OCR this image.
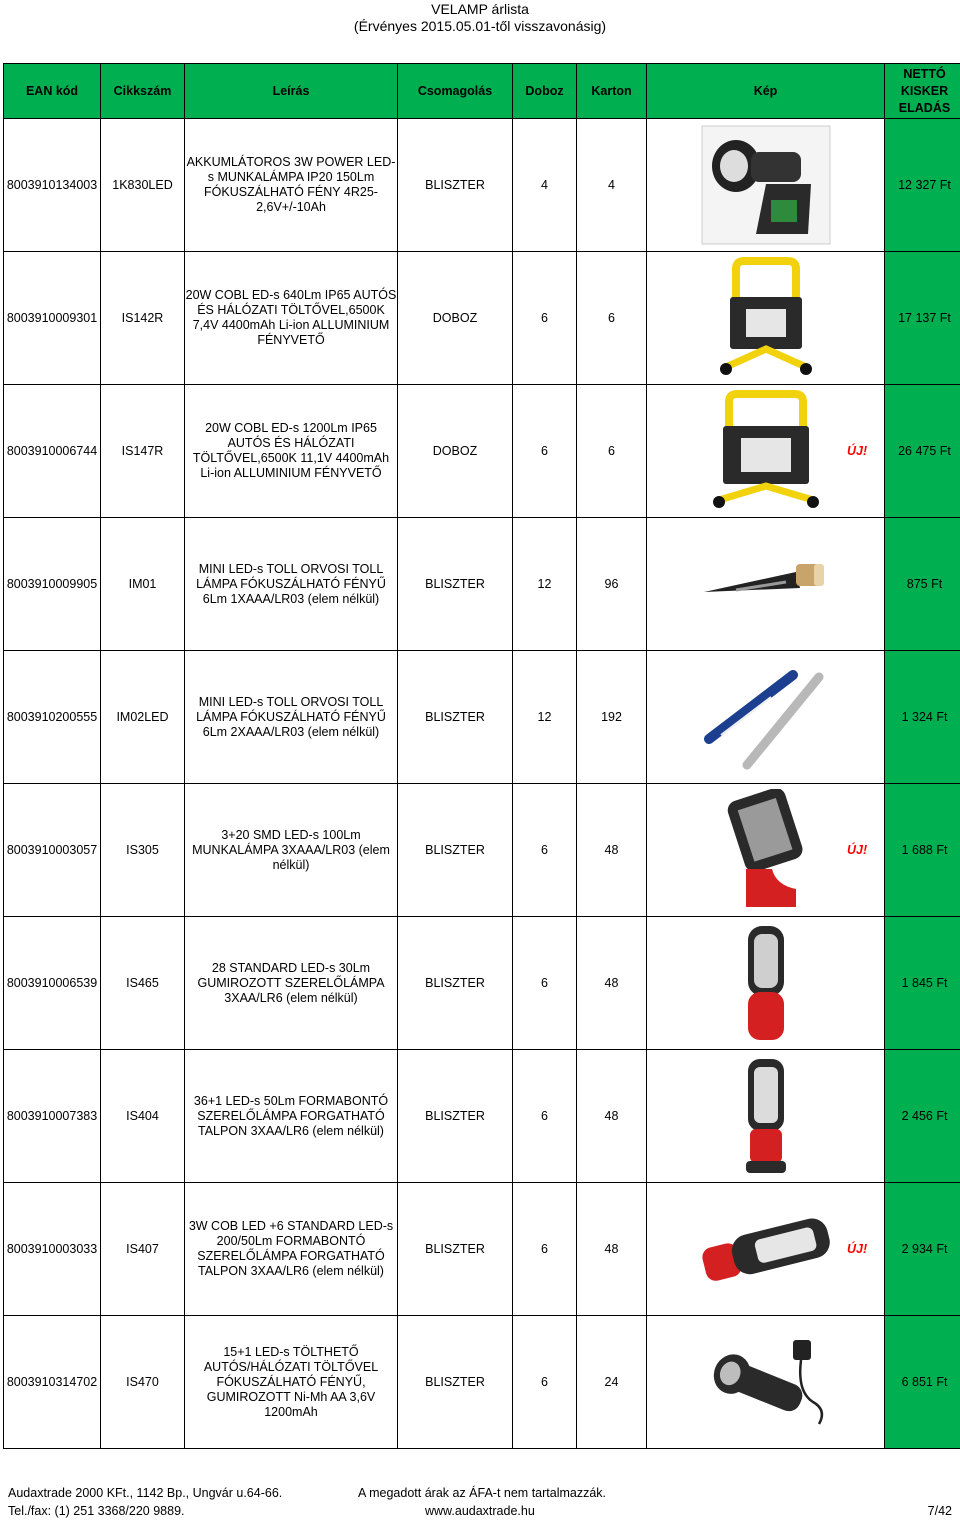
VELAMP árlista
(Érvényes 2015.05.01-től visszavonásig)
EAN kód	Cikkszám	Leírás	Csomagolás	Doboz	Karton	Kép	NETTÓ
KISKER
ELADÁS
8003910134003	1K830LED	AKKUMLÁTOROS 3W POWER LED-s MUNKALÁMPA IP20 150Lm FÓKUSZÁLHATÓ FÉNY 4R25- 2,6V+/-10Ah	BLISZTER	4	4		12 327 Ft
8003910009301	IS142R	20W COBL ED-s 640Lm IP65 AUTÓS ÉS HÁLÓZATI TÖLTŐVEL,6500K 7,4V 4400mAh Li-ion ALLUMINIUM FÉNYVETŐ	DOBOZ	6	6		17 137 Ft
8003910006744	IS147R	20W COBL ED-s 1200Lm IP65 AUTÓS ÉS HÁLÓZATI TÖLTŐVEL,6500K 11,1V 4400mAh Li-ion ALLUMINIUM FÉNYVETŐ	DOBOZ	6	6 ÚJ!		26 475 Ft
8003910009905	IM01	MINI LED-s TOLL ORVOSI TOLL LÁMPA FÓKUSZÁLHATÓ FÉNYŰ 6Lm 1XAAA/LR03 (elem nélkül)	BLISZTER	12	96		875 Ft
8003910200555	IM02LED	MINI LED-s TOLL ORVOSI TOLL LÁMPA FÓKUSZÁLHATÓ FÉNYŰ 6Lm 2XAAA/LR03 (elem nélkül)	BLISZTER	12	192		1 324 Ft
8003910003057	IS305	3+20 SMD LED-s 100Lm MUNKALÁMPA 3XAAA/LR03 (elem nélkül)	BLISZTER	6	48 ÚJ!		1 688 Ft
8003910006539	IS465	28 STANDARD LED-s 30Lm GUMIROZOTT SZERELŐLÁMPA 3XAA/LR6 (elem nélkül)	BLISZTER	6	48		1 845 Ft
8003910007383	IS404	36+1 LED-s 50Lm FORMABONTÓ SZERELŐLÁMPA FORGATHATÓ TALPON 3XAA/LR6 (elem nélkül)	BLISZTER	6	48		2 456 Ft
8003910003033	IS407	3W COB LED +6 STANDARD LED-s 200/50Lm FORMABONTÓ SZERELŐLÁMPA FORGATHATÓ TALPON 3XAA/LR6 (elem nélkül)	BLISZTER	6	48 ÚJ!		2 934 Ft
8003910314702	IS470	15+1 LED-s TÖLTHETŐ AUTÓS/HÁLÓZATI TÖLTŐVEL FÓKUSZÁLHATÓ FÉNYŰ, GUMIROZOTT Ni-Mh AA 3,6V 1200mAh	BLISZTER	6	24		6 851 Ft
Audaxtrade 2000 KFt., 1142 Bp., Ungvár u.64-66.	A megadott árak az ÁFA-t nem tartalmazzák.
Tel./fax: (1) 251 3368/220 9889.	www.audaxtrade.hu	7/42
